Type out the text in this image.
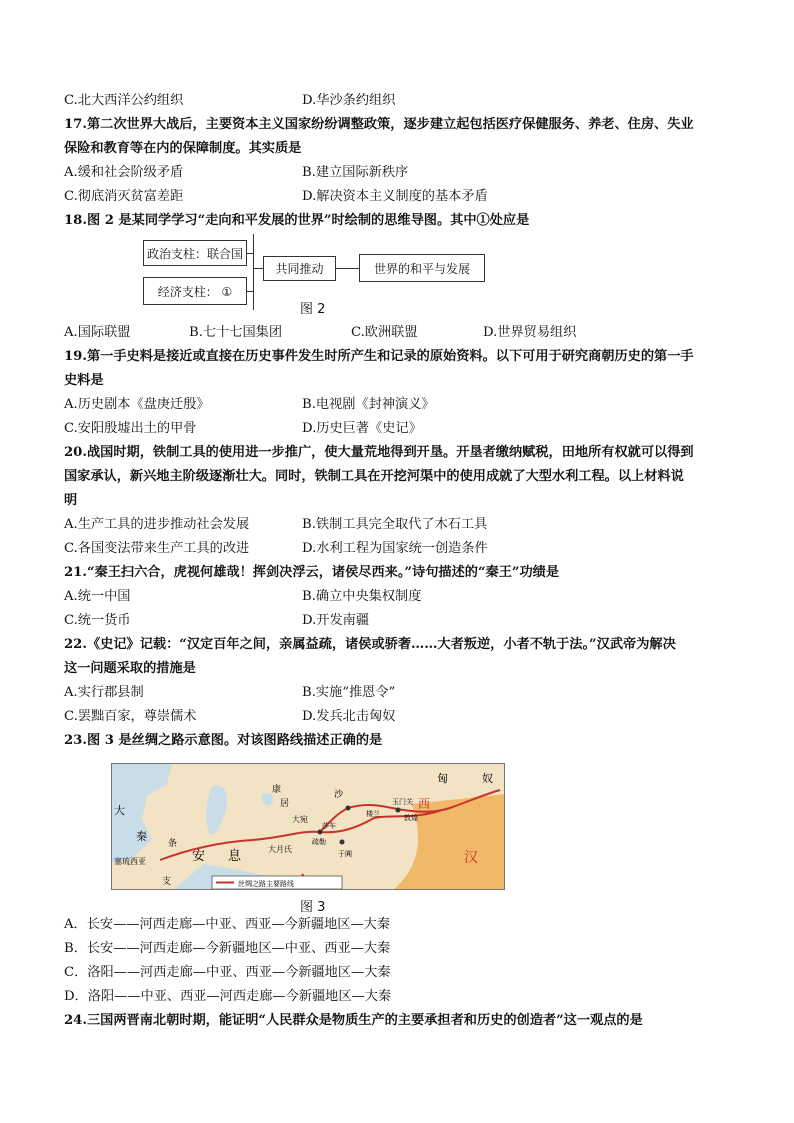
C.北大西洋公约组织	D.华沙条约组织
17.第二次世界大战后，主要资本主义国家纷纷调整政策，逐步建立起包括医疗保健服务、养老、住房、失业
保险和教育等在内的保障制度。其实质是
A.缓和社会阶级矛盾	B.建立国际新秩序
C.彻底消灭贫富差距	D.解决资本主义制度的基本矛盾
18.图 2 是某同学学习“走向和平发展的世界”时绘制的思维导图。其中①处应是
政治支柱：联合国
经济支柱： ①
共同推动	世界的和平与发展
图 2
A.国际联盟	B.七十七国集团	C.欧洲联盟	D.世界贸易组织
19.第一手史料是接近或直接在历史事件发生时所产生和记录的原始资料。以下可用于研究商朝历史的第一手
史料是
A.历史剧本《盘庚迁殷》	B.电视剧《封神演义》
C.安阳殷墟出土的甲骨	D.历史巨著《史记》
20.战国时期，铁制工具的使用进一步推广，使大量荒地得到开垦。开垦者缴纳赋税，田地所有权就可以得到
国家承认，新兴地主阶级逐渐壮大。同时，铁制工具在开挖河渠中的使用成就了大型水利工程。以上材料说
明
A.生产工具的进步推动社会发展	B.铁制工具完全取代了木石工具
C.各国变法带来生产工具的改进	D.水利工程为国家统一创造条件
21.“秦王扫六合，虎视何雄哉！挥剑决浮云，诸侯尽西来。”诗句描述的“秦王”功绩是
A.统一中国	B.确立中央集权制度
C.统一货币	D.开发南疆
22.《史记》记载：“汉定百年之间，亲属益疏，诸侯或骄奢……大者叛逆，小者不轨于法。”汉武帝为解决
这一问题采取的措施是
A.实行郡县制	B.实施“推恩令”
C.罢黜百家，尊崇儒术	D.发兵北击匈奴
23.图 3 是丝绸之路示意图。对该图路线描述正确的是
匈	奴
大
秦
康
居
大宛
沙
西
汉
楼兰
玉门关
敦煌
疏勒
莎车
大月氏	于阗
安 息
条
支
塞琉西亚
丝绸之路主要路线
图 3
A．长安——河西走廊—中亚、西亚—今新疆地区—大秦
B．长安——河西走廊—今新疆地区—中亚、西亚—大秦
C．洛阳——河西走廊—中亚、西亚—今新疆地区—大秦
D．洛阳——中亚、西亚—河西走廊—今新疆地区—大秦
24.三国两晋南北朝时期，能证明“人民群众是物质生产的主要承担者和历史的创造者”这一观点的是
